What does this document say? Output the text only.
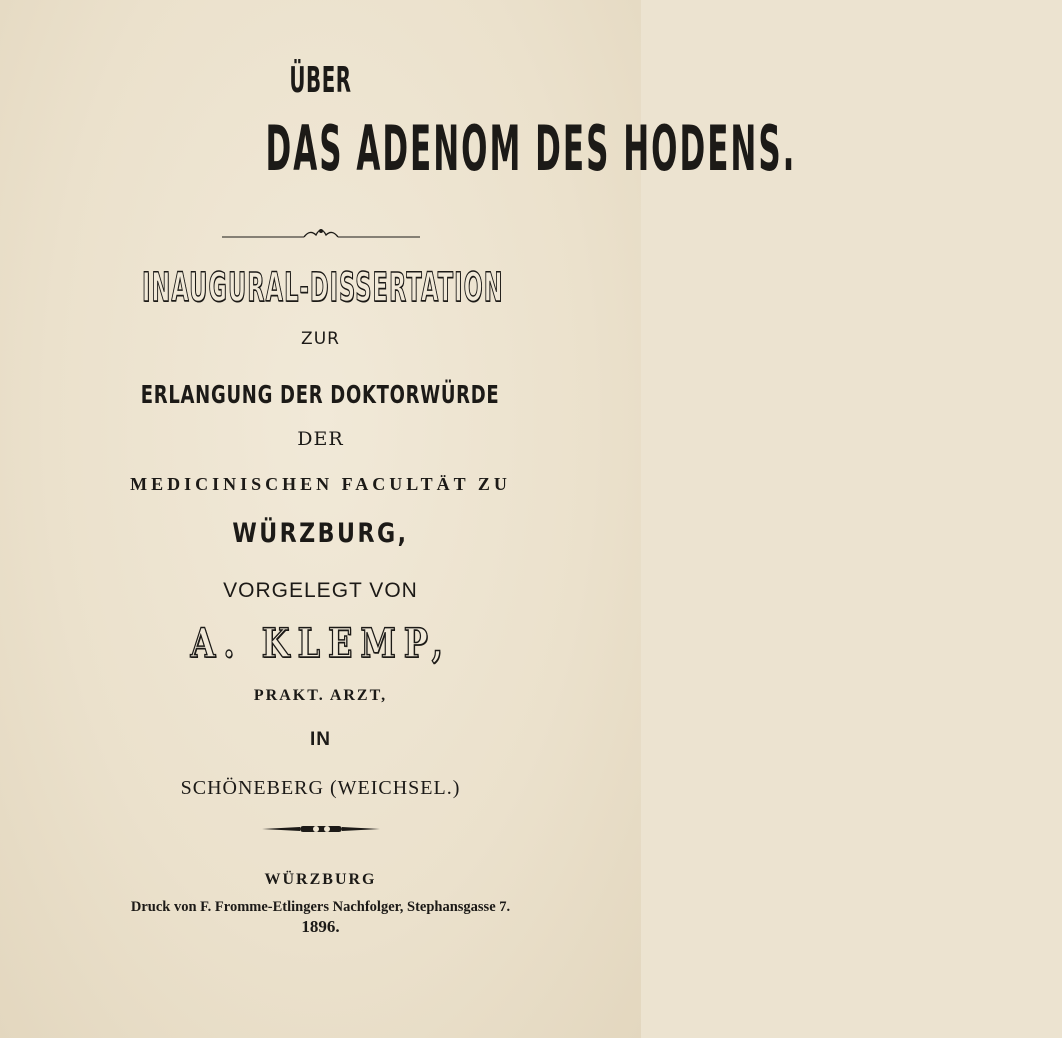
ÜBER
DAS ADENOM DES HODENS.
INAUGURAL-DISSERTATION
ZUR
ERLANGUNG DER DOKTORWÜRDE
DER
MEDICINISCHEN FACULTÄT ZU
WÜRZBURG,
VORGELEGT VON
A. KLEMP,
PRAKT. ARZT,
IN
SCHÖNEBERG (WEICHSEL.)
WÜRZBURG
Druck von F. Fromme-Etlingers Nachfolger, Stephansgasse 7.
1896.
